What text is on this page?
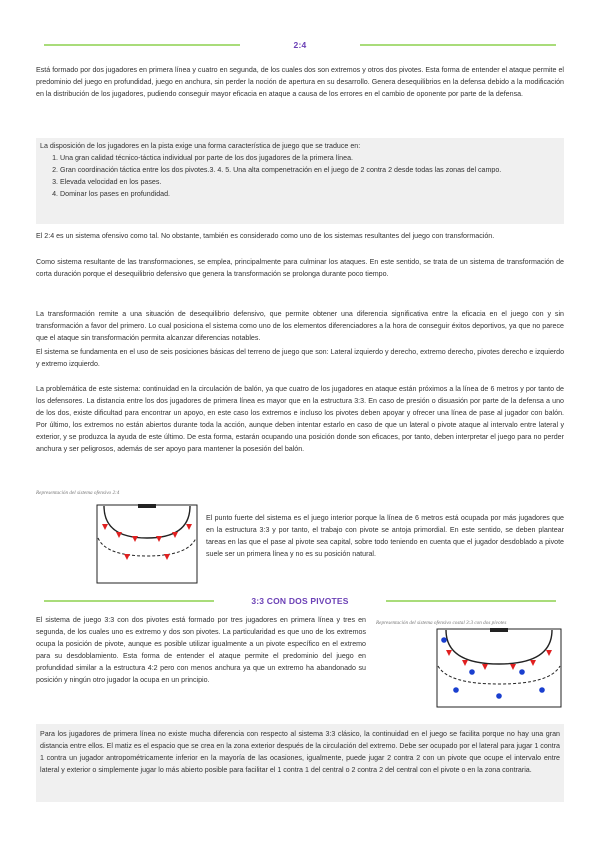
2:4
Está formado por dos jugadores en primera línea y cuatro en segunda, de los cuales dos son extremos y otros dos pivotes. Esta forma de entender el ataque permite el predominio del juego en profundidad, juego en anchura, sin perder la noción de apertura en su desarrollo. Genera desequilibrios en la defensa debido a la modificación en la distribución de los jugadores, pudiendo conseguir mayor eficacia en ataque a causa de los errores en el cambio de oponente por parte de la defensa.
La disposición de los jugadores en la pista exige una forma característica de juego que se traduce en:
1. Una gran calidad técnico-táctica individual por parte de los dos jugadores de la primera línea.
2. Gran coordinación táctica entre los dos pivotes.3. 4. 5. Una alta compenetración en el juego de 2 contra 2 desde todas las zonas del campo.
3. Elevada velocidad en los pases.
4. Dominar los pases en profundidad.
El 2:4 es un sistema ofensivo como tal. No obstante, también es considerado como uno de los sistemas resultantes del juego con transformación.
Como sistema resultante de las transformaciones, se emplea, principalmente para culminar los ataques. En este sentido, se trata de un sistema de transformación de corta duración porque el desequilibrio defensivo que genera la transformación se prolonga durante poco tiempo.
La transformación remite a una situación de desequilibrio defensivo, que permite obtener una diferencia significativa entre la eficacia en el juego con y sin transformación a favor del primero. Lo cual posiciona el sistema como uno de los elementos diferenciadores a la hora de conseguir éxitos deportivos, ya que no parece que el ataque sin transformación permita alcanzar diferencias notables.
El sistema se fundamenta en el uso de seis posiciones básicas del terreno de juego que son: Lateral izquierdo y derecho, extremo derecho, pivotes derecho e izquierdo y extremo izquierdo.
La problemática de este sistema: continuidad en la circulación de balón, ya que cuatro de los jugadores en ataque están próximos a la línea de 6 metros y por tanto de los defensores. La distancia entre los dos jugadores de primera línea es mayor que en la estructura 3:3. En caso de presión o disuasión por parte de la defensa a uno de los dos, existe dificultad para encontrar un apoyo, en este caso los extremos e incluso los pivotes deben apoyar y ofrecer una línea de pase al jugador con balón. Por último, los extremos no están abiertos durante toda la acción, aunque deben intentar estarlo en caso de que un lateral o pivote ataque al intervalo entre lateral y exterior, y se produzca la ayuda de este último. De esta forma, estarán ocupando una posición donde son eficaces, por tanto, deben interpretar el juego para no perder anchura y ser peligrosos, además de ser apoyo para mantener la posesión del balón.
Representación del sistema ofensivo 2:4
El punto fuerte del sistema es el juego interior porque la línea de 6 metros está ocupada por más jugadores que en la estructura 3:3 y por tanto, el trabajo con pivote se antoja primordial. En este sentido, se deben plantear tareas en las que el pase al pivote sea capital, sobre todo teniendo en cuenta que el jugador desdoblado a pivote suele ser un primera línea y no es su posición natural.
3:3 CON DOS PIVOTES
El sistema de juego 3:3 con dos pivotes está formado por tres jugadores en primera línea y tres en segunda, de los cuales uno es extremo y dos son pivotes. La particularidad es que uno de los extremos ocupa la posición de pivote, aunque es posible utilizar igualmente a un pivote específico en el extremo para su desdoblamiento. Esta forma de entender el ataque permite el predominio del juego en profundidad similar a la estructura 4:2 pero con menos anchura ya que un extremo ha abandonado su posición y ningún otro jugador la ocupa en un principio.
Representación del sistema ofensivo costal 3:3 con dos pivotes
Para los jugadores de primera línea no existe mucha diferencia con respecto al sistema 3:3 clásico, la continuidad en el juego se facilita porque no hay una gran distancia entre ellos. El matiz es el espacio que se crea en la zona exterior después de la circulación del extremo. Debe ser ocupado por el lateral para jugar 1 contra 1 contra un jugador antropométricamente inferior en la mayoría de las ocasiones, igualmente, puede jugar 2 contra 2 con un pivote que ocupe el intervalo entre lateral y exterior o simplemente jugar lo más abierto posible para facilitar el 1 contra 1 del central o 2 contra 2 del central con el pivote o en la zona contraria.
